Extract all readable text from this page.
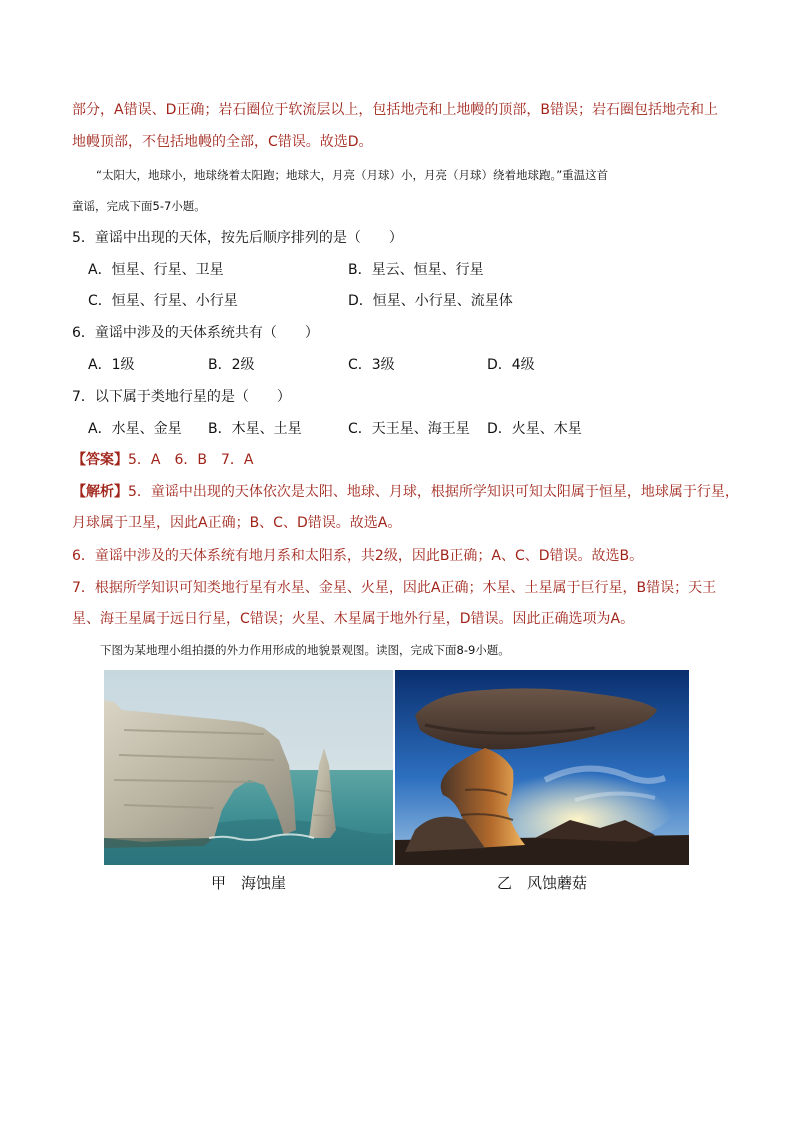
部分，A错误、D正确；岩石圈位于软流层以上，包括地壳和上地幔的顶部，B错误；岩石圈包括地壳和上
地幔顶部，不包括地幔的全部，C错误。故选D。
“太阳大，地球小，地球绕着太阳跑；地球大，月亮（月球）小，月亮（月球）绕着地球跑。”重温这首
童谣，完成下面5-7小题。
5．童谣中出现的天体，按先后顺序排列的是（　　）
A．恒星、行星、卫星	B．星云、恒星、行星
C．恒星、行星、小行星	D．恒星、小行星、流星体
6．童谣中涉及的天体系统共有（　　）
A．1级	B．2级	C．3级	D．4级
7．以下属于类地行星的是（　　）
A．水星、金星 B．木星、土星	C．天王星、海王星 D．火星、木星
【答案】5．A　6．B　7．A
【解析】5．童谣中出现的天体依次是太阳、地球、月球，根据所学知识可知太阳属于恒星，地球属于行星，
月球属于卫星，因此A正确；B、C、D错误。故选A。
6．童谣中涉及的天体系统有地月系和太阳系，共2级，因此B正确；A、C、D错误。故选B。
7．根据所学知识可知类地行星有水星、金星、火星，因此A正确；木星、土星属于巨行星，B错误；天王
星、海王星属于远日行星，C错误；火星、木星属于地外行星，D错误。因此正确选项为A。
下图为某地理小组拍摄的外力作用形成的地貌景观图。读图，完成下面8-9小题。
甲　海蚀崖	乙　风蚀蘑菇
